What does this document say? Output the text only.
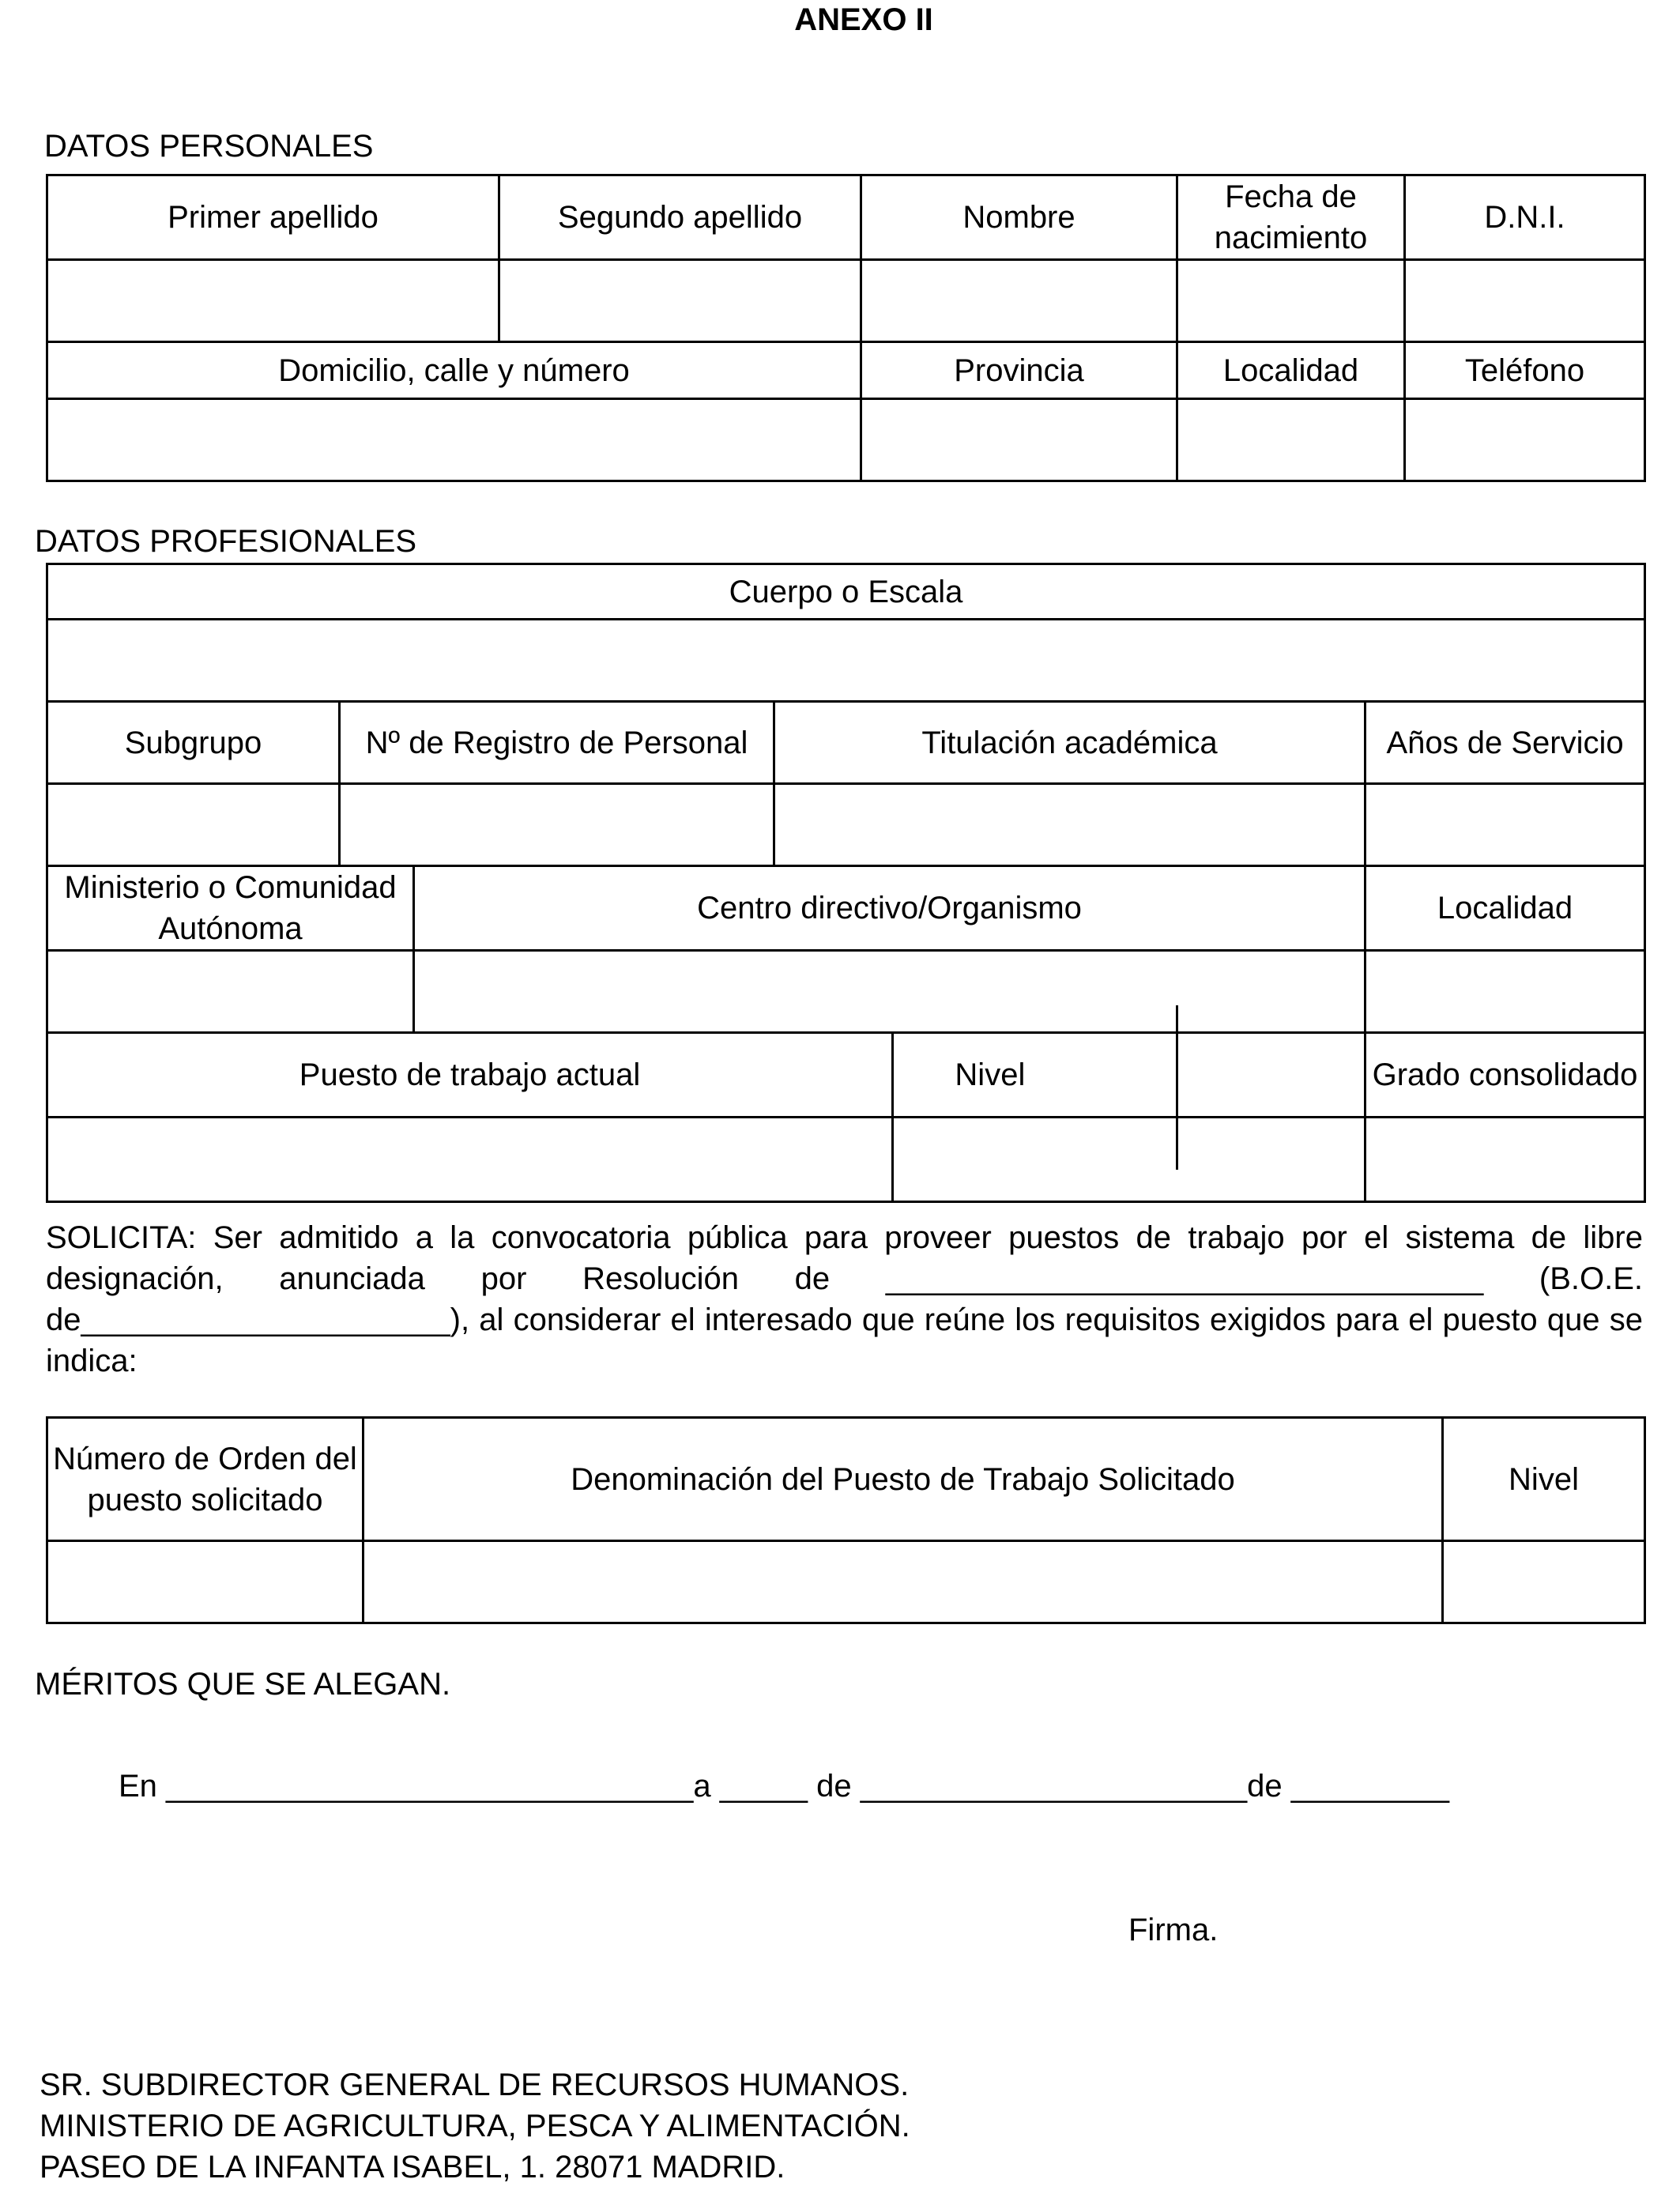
ANEXO II
DATOS PERSONALES
Primer apellido	Segundo apellido	Nombre	Fecha de nacimiento	D.N.I.

Domicilio, calle y número		Provincia	Localidad	Teléfono

DATOS PROFESIONALES
Cuerpo o Escala					

Subgrupo	Nº de Registro de Personal		Titulación académica		Años de Servicio

Ministerio o Comunidad Autónoma		Centro directivo/Organismo			Localidad

Puesto de trabajo actual				Nivel	Grado consolidado

SOLICITA: Ser admitido a la convocatoria pública para proveer puestos de trabajo por el sistema de libre designación, anunciada por Resolución de __________________________________ (B.O.E. de_____________________), al considerar el interesado que reúne los requisitos exigidos para el puesto que se indica:
Número de Orden del puesto solicitado	Denominación del Puesto de Trabajo Solicitado	Nivel

MÉRITOS QUE SE ALEGAN.
En ______________________________a _____ de ______________________de _________
Firma.
SR. SUBDIRECTOR GENERAL DE RECURSOS HUMANOS.
MINISTERIO DE AGRICULTURA, PESCA Y ALIMENTACIÓN.
PASEO DE LA INFANTA ISABEL, 1. 28071 MADRID.
